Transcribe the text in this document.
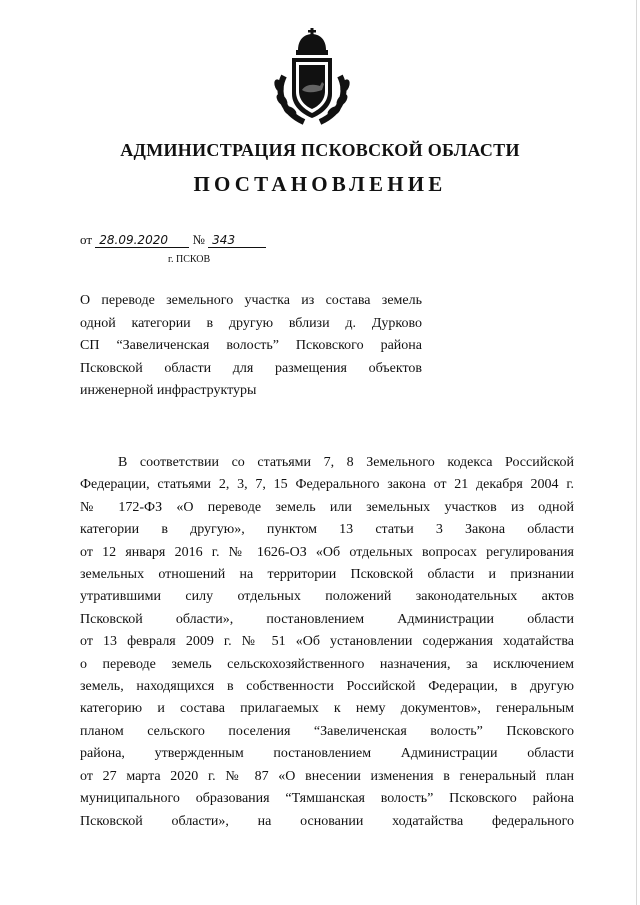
АДМИНИСТРАЦИЯ ПСКОВСКОЙ ОБЛАСТИ
ПОСТАНОВЛЕНИЕ
от 28.09.2020 № 343
г. ПСКОВ
О переводе земельного участка из состава земель
одной категории в другую вблизи д. Дурково
СП “Завеличенская волость” Псковского района
Псковской области для размещения объектов
инженерной инфраструктуры
В соответствии со статьями 7, 8 Земельного кодекса Российской
Федерации, статьями 2, 3, 7, 15 Федерального закона от 21 декабря 2004 г.
№ 172-ФЗ «О переводе земель или земельных участков из одной
категории в другую», пунктом 13 статьи 3 Закона области
от 12 января 2016 г. № 1626-ОЗ «Об отдельных вопросах регулирования
земельных отношений на территории Псковской области и признании
утратившими силу отдельных положений законодательных актов
Псковской области», постановлением Администрации области
от 13 февраля 2009 г. № 51 «Об установлении содержания ходатайства
о переводе земель сельскохозяйственного назначения, за исключением
земель, находящихся в собственности Российской Федерации, в другую
категорию и состава прилагаемых к нему документов», генеральным
планом сельского поселения “Завеличенская волость” Псковского
района, утвержденным постановлением Администрации области
от 27 марта 2020 г. № 87 «О внесении изменения в генеральный план
муниципального образования “Тямшанская волость” Псковского района
Псковской области», на основании ходатайства федерального
